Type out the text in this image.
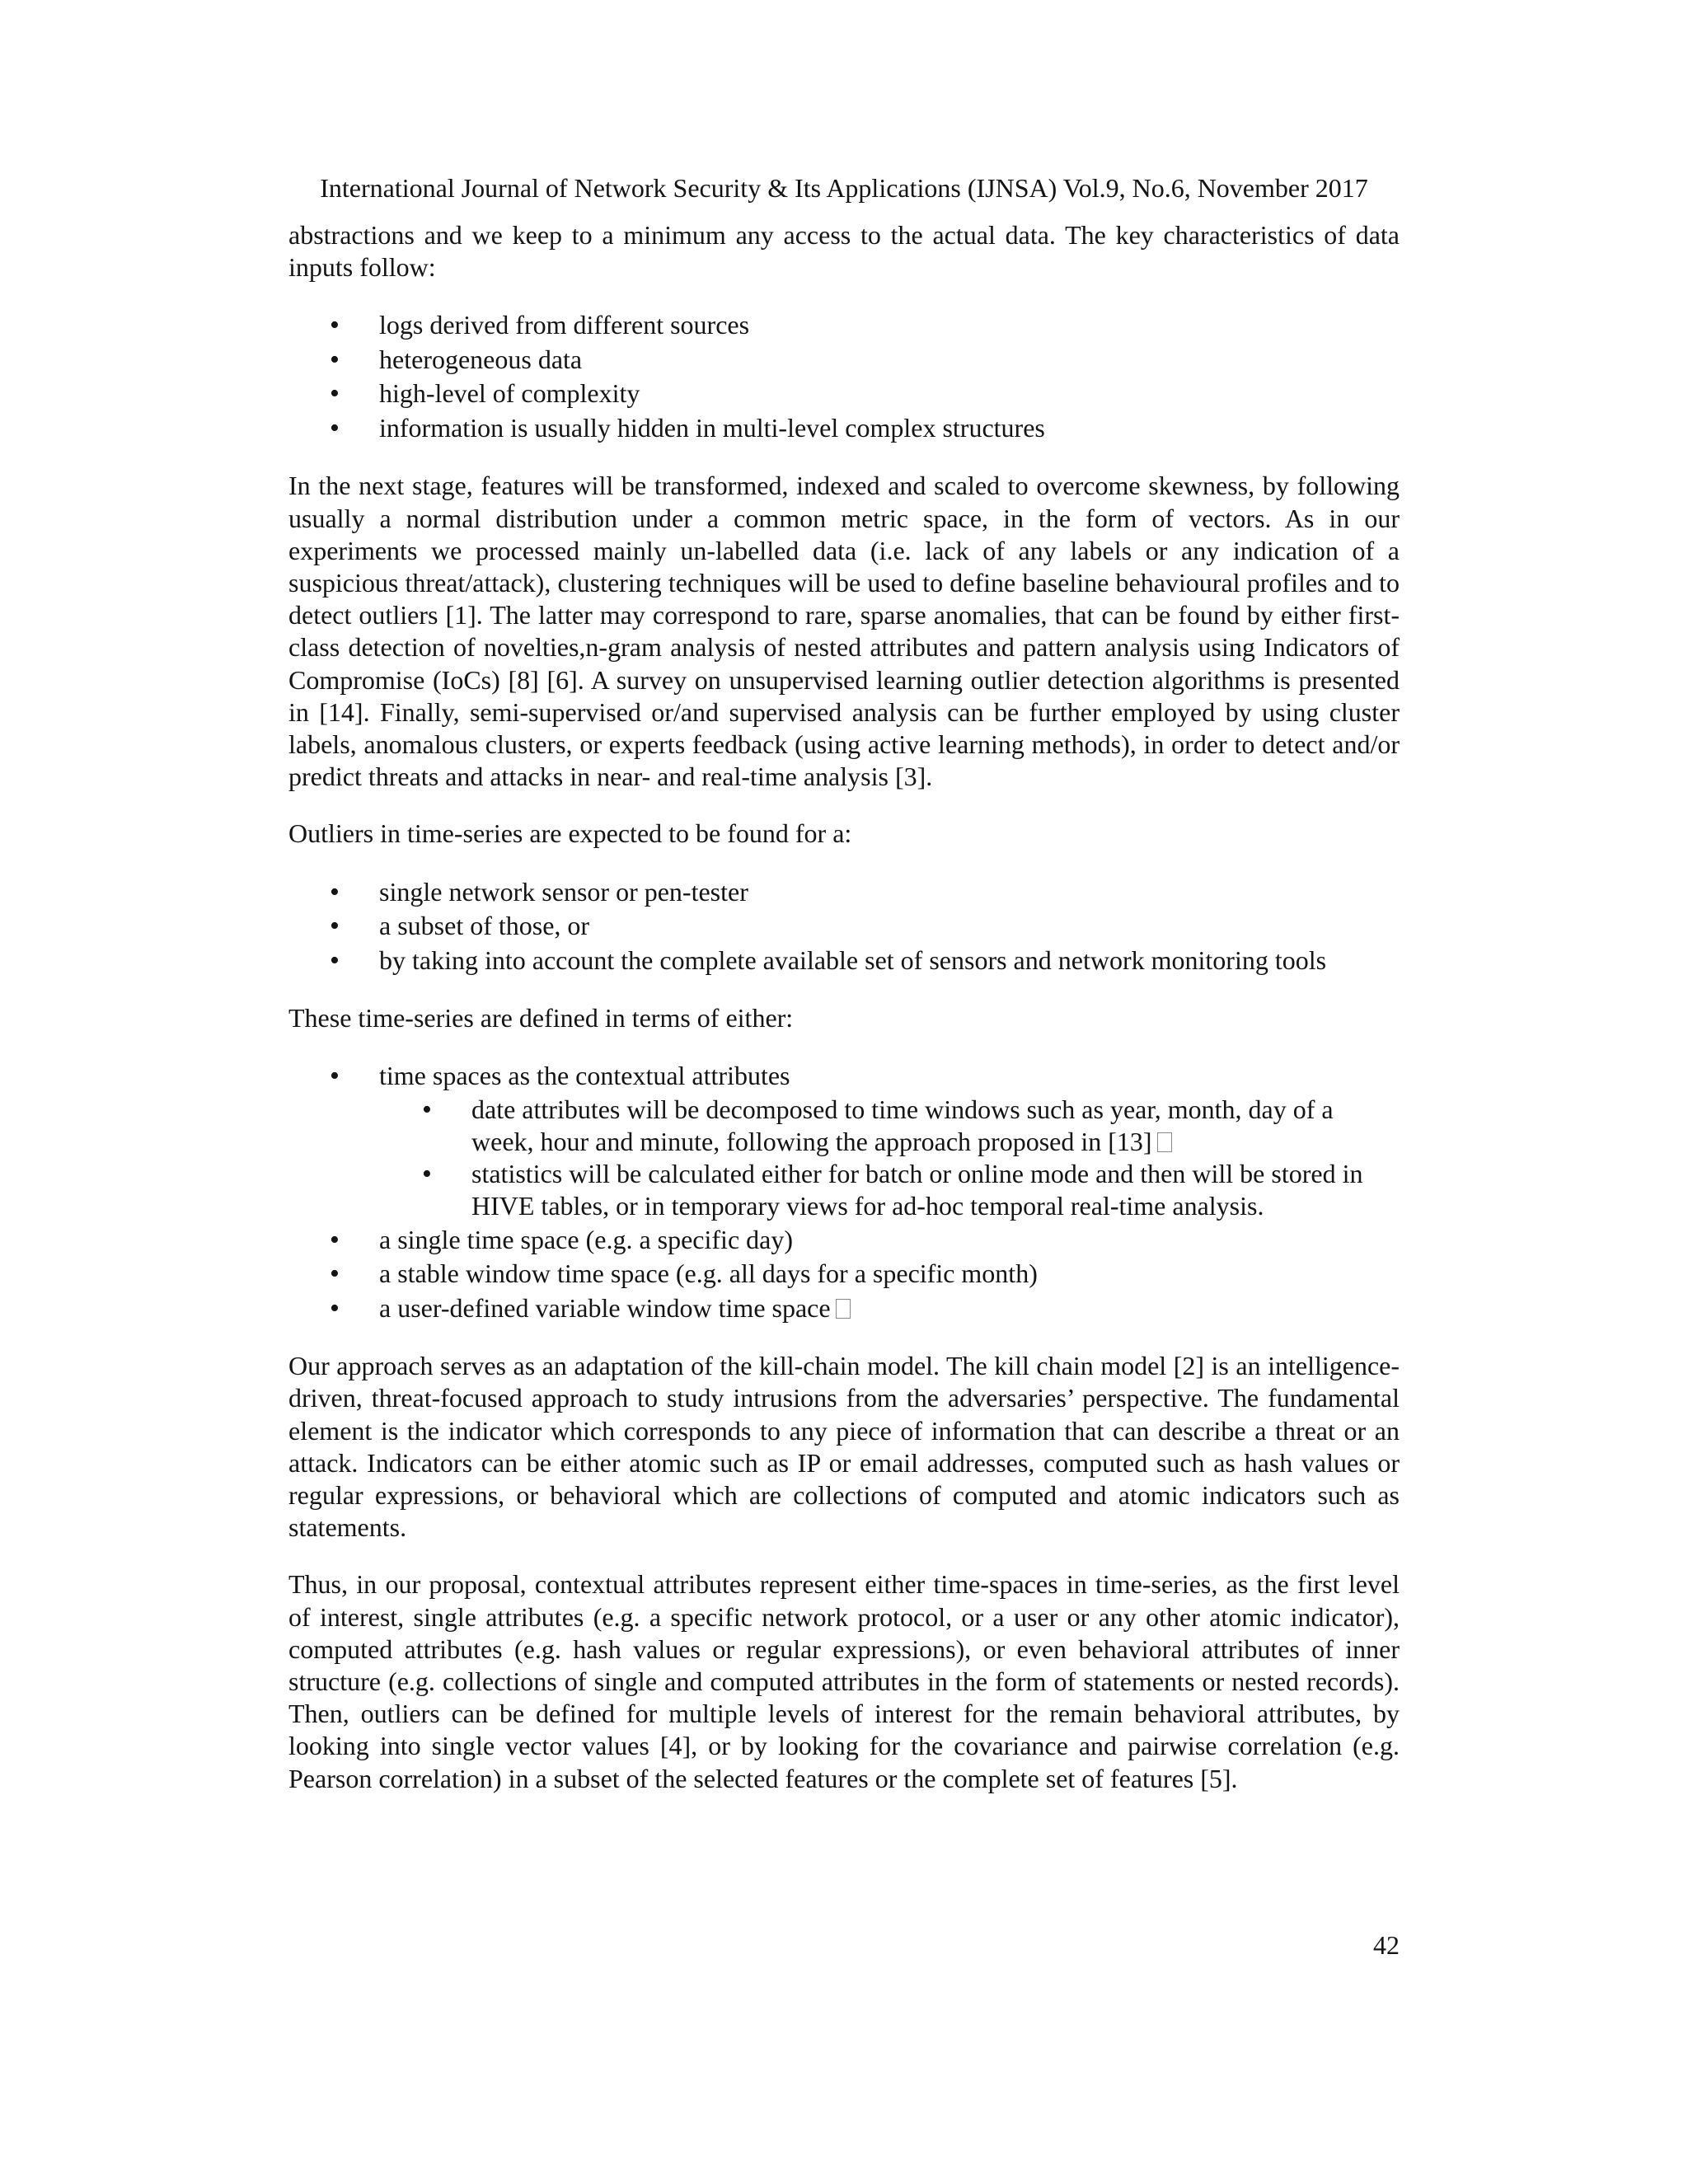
International Journal of Network Security & Its Applications (IJNSA) Vol.9, No.6, November 2017

abstractions and we keep to a minimum any access to the actual data. The key characteristics of data inputs follow:

• logs derived from different sources
• heterogeneous data
• high-level of complexity
• information is usually hidden in multi-level complex structures

In the next stage, features will be transformed, indexed and scaled to overcome skewness, by following usually a normal distribution under a common metric space, in the form of vectors. As in our experiments we processed mainly un-labelled data (i.e. lack of any labels or any indication of a suspicious threat/attack), clustering techniques will be used to define baseline behavioural profiles and to detect outliers [1]. The latter may correspond to rare, sparse anomalies, that can be found by either first-class detection of novelties,n-gram analysis of nested attributes and pattern analysis using Indicators of Compromise (IoCs) [8] [6]. A survey on unsupervised learning outlier detection algorithms is presented in [14]. Finally, semi-supervised or/and supervised analysis can be further employed by using cluster labels, anomalous clusters, or experts feedback (using active learning methods), in order to detect and/or predict threats and attacks in near- and real-time analysis [3].

Outliers in time-series are expected to be found for a:

• single network sensor or pen-tester
• a subset of those, or
• by taking into account the complete available set of sensors and network monitoring tools

These time-series are defined in terms of either:

• time spaces as the contextual attributes
• date attributes will be decomposed to time windows such as year, month, day of a week, hour and minute, following the approach proposed in [13]
• statistics will be calculated either for batch or online mode and then will be stored in HIVE tables, or in temporary views for ad-hoc temporal real-time analysis.
• a single time space (e.g. a specific day)
• a stable window time space (e.g. all days for a specific month)
• a user-defined variable window time space

Our approach serves as an adaptation of the kill-chain model. The kill chain model [2] is an intelligence-driven, threat-focused approach to study intrusions from the adversaries’ perspective. The fundamental element is the indicator which corresponds to any piece of information that can describe a threat or an attack. Indicators can be either atomic such as IP or email addresses, computed such as hash values or regular expressions, or behavioral which are collections of computed and atomic indicators such as statements.

Thus, in our proposal, contextual attributes represent either time-spaces in time-series, as the first level of interest, single attributes (e.g. a specific network protocol, or a user or any other atomic indicator), computed attributes (e.g. hash values or regular expressions), or even behavioral attributes of inner structure (e.g. collections of single and computed attributes in the form of statements or nested records). Then, outliers can be defined for multiple levels of interest for the remain behavioral attributes, by looking into single vector values [4], or by looking for the covariance and pairwise correlation (e.g. Pearson correlation) in a subset of the selected features or the complete set of features [5].

42
